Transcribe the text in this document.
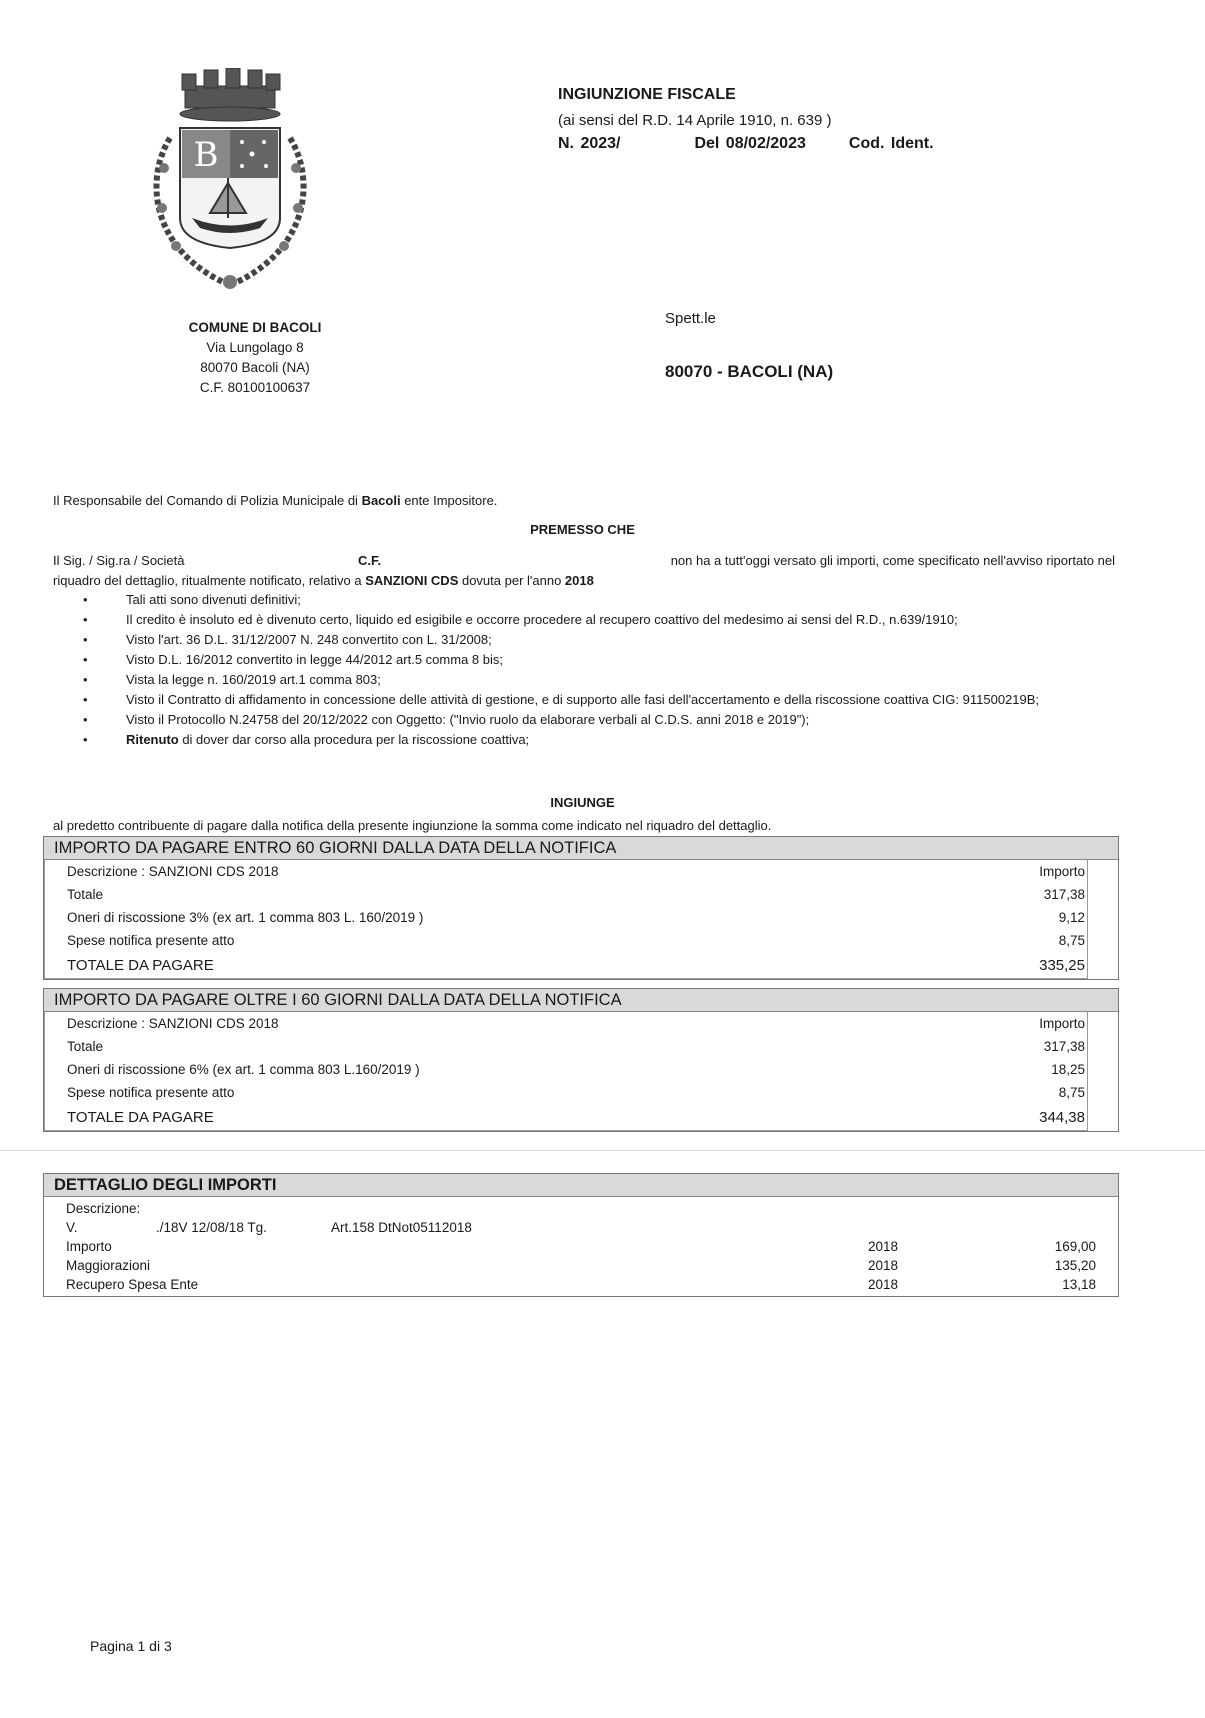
B
INGIUNZIONE FISCALE
(ai sensi del R.D. 14 Aprile 1910, n. 639 )
N. 2023/	Del 08/02/2023	Cod. Ident.
COMUNE DI BACOLI
Via Lungolago 8
80070 Bacoli (NA)
C.F. 80100100637
Spett.le
80070 - BACOLI (NA)
Il Responsabile del Comando di Polizia Municipale di Bacoli ente Impositore.
PREMESSO CHE
Il Sig. / Sig.ra / Società	C.F.	non ha a tutt'oggi versato gli importi, come specificato nell'avviso riportato nel
riquadro del dettaglio, ritualmente notificato, relativo a SANZIONI CDS dovuta per l'anno 2018
• Tali atti sono divenuti definitivi;
• Il credito è insoluto ed è divenuto certo, liquido ed esigibile e occorre procedere al recupero coattivo del medesimo ai sensi del R.D., n.639/1910;
• Visto l'art. 36 D.L. 31/12/2007 N. 248 convertito con L. 31/2008;
• Visto D.L. 16/2012 convertito in legge 44/2012 art.5 comma 8 bis;
• Vista la legge n. 160/2019 art.1 comma 803;
• Visto il Contratto di affidamento in concessione delle attività di gestione, e di supporto alle fasi dell'accertamento e della riscossione coattiva CIG: 911500219B;
• Visto il Protocollo N.24758 del 20/12/2022 con Oggetto: ("Invio ruolo da elaborare verbali al C.D.S. anni 2018 e 2019");
• Ritenuto di dover dar corso alla procedura per la riscossione coattiva;
INGIUNGE
al predetto contribuente di pagare dalla notifica della presente ingiunzione la somma come indicato nel riquadro del dettaglio.
IMPORTO DA PAGARE ENTRO 60 GIORNI DALLA DATA DELLA NOTIFICA
Descrizione : SANZIONI CDS 2018	Importo
Totale	317,38
Oneri di riscossione 3% (ex art. 1 comma 803 L. 160/2019 )	9,12
Spese notifica presente atto	8,75
TOTALE DA PAGARE	335,25
IMPORTO DA PAGARE OLTRE I 60 GIORNI DALLA DATA DELLA NOTIFICA
Descrizione : SANZIONI CDS 2018	Importo
Totale	317,38
Oneri di riscossione 6% (ex art. 1 comma 803 L.160/2019 )	18,25
Spese notifica presente atto	8,75
TOTALE DA PAGARE	344,38
DETTAGLIO DEGLI IMPORTI
Descrizione:
V.	./18V 12/08/18 Tg.	Art.158 DtNot05112018
Importo	2018	169,00
Maggiorazioni	2018	135,20
Recupero Spesa Ente	2018	13,18
Pagina 1 di 3
